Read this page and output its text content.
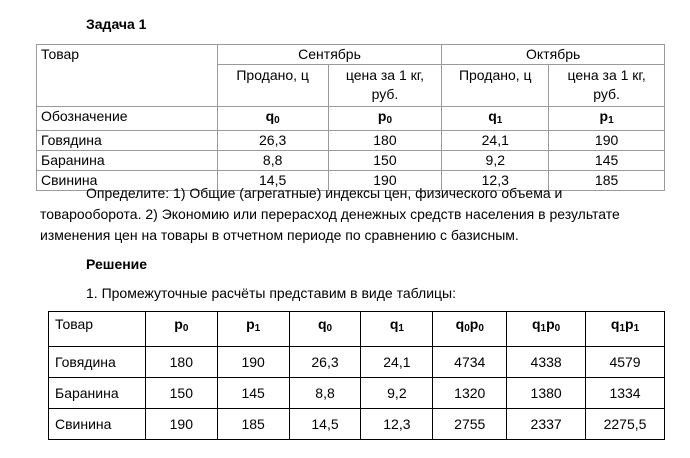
Задача 1
Товар	Сентябрь		Октябрь	
	Продано, ц	цена за 1 кг, руб.	Продано, ц	цена за 1 кг, руб.
Обозначение	$q_0$	$p_0$	$q_1$	$p_1$
Говядина	26,3	180	24,1	190
Баранина	8,8	150	9,2	145
Свинина	14,5	190	12,3	185
Определите: 1) Общие (агрегатные) индексы цен, физического объема и товарооборота. 2) Экономию или перерасход денежных средств населения в результате изменения цен на товары в отчетном периоде по сравнению с базисным.
Решение
1. Промежуточные расчёты представим в виде таблицы:
Товар	$p_0$	$p_1$	$q_0$	$q_1$	$q_0p_0$	$q_1p_0$	$q_1p_1$
Говядина	180	190	26,3	24,1	4734	4338	4579
Баранина	150	145	8,8	9,2	1320	1380	1334
Свинина	190	185	14,5	12,3	2755	2337	2275,5
